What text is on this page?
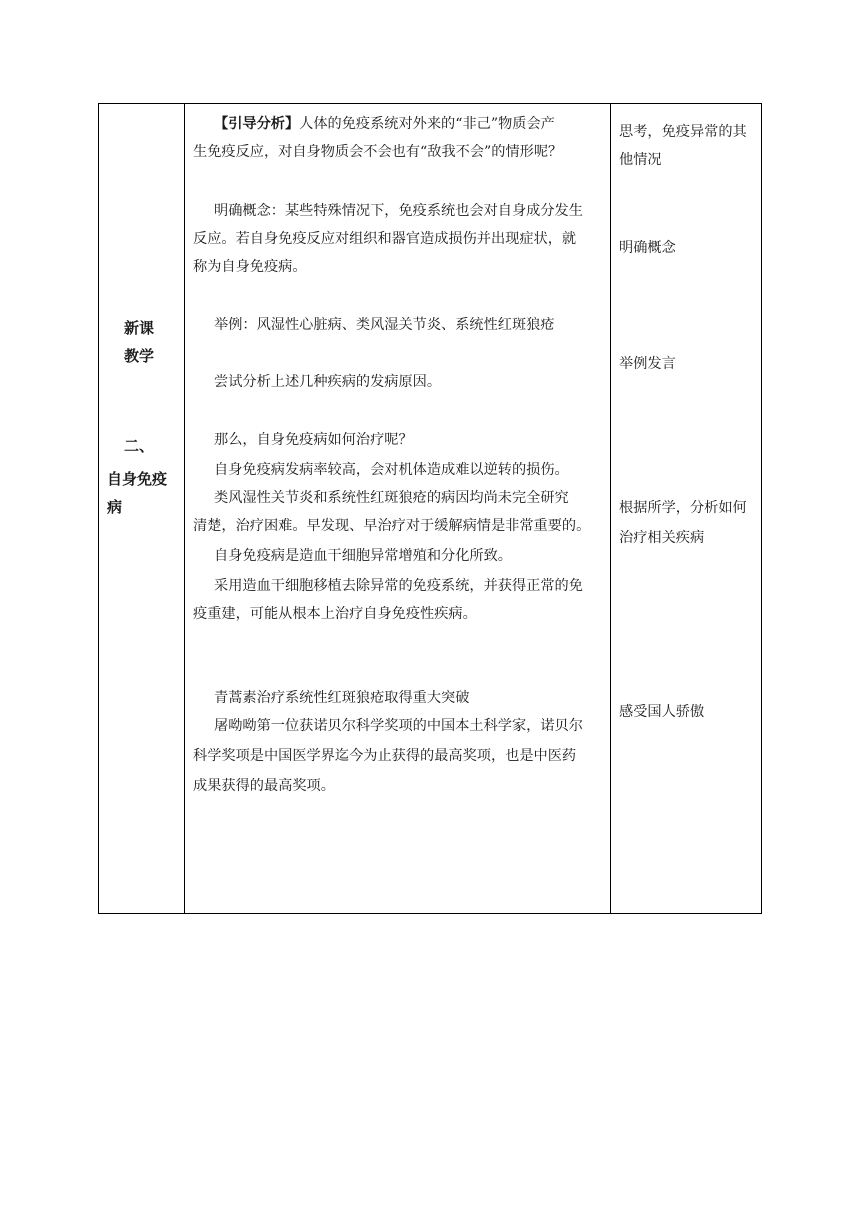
新课
教学
二、
自身免疫
病
【引导分析】人体的免疫系统对外来的“非己”物质会产
生免疫反应，对自身物质会不会也有“敌我不会”的情形呢？
明确概念：某些特殊情况下，免疫系统也会对自身成分发生
反应。若自身免疫反应对组织和器官造成损伤并出现症状，就
称为自身免疫病。
举例：风湿性心脏病、类风湿关节炎、系统性红斑狼疮
尝试分析上述几种疾病的发病原因。
那么，自身免疫病如何治疗呢？
自身免疫病发病率较高，会对机体造成难以逆转的损伤。
类风湿性关节炎和系统性红斑狼疮的病因均尚未完全研究
清楚，治疗困难。早发现、早治疗对于缓解病情是非常重要的。
自身免疫病是造血干细胞异常增殖和分化所致。
采用造血干细胞移植去除异常的免疫系统，并获得正常的免
疫重建，可能从根本上治疗自身免疫性疾病。
青蒿素治疗系统性红斑狼疮取得重大突破
屠呦呦第一位获诺贝尔科学奖项的中国本土科学家，诺贝尔
科学奖项是中国医学界迄今为止获得的最高奖项，也是中医药
成果获得的最高奖项。
思考，免疫异常的其
他情况
明确概念
举例发言
根据所学，分析如何
治疗相关疾病
感受国人骄傲
